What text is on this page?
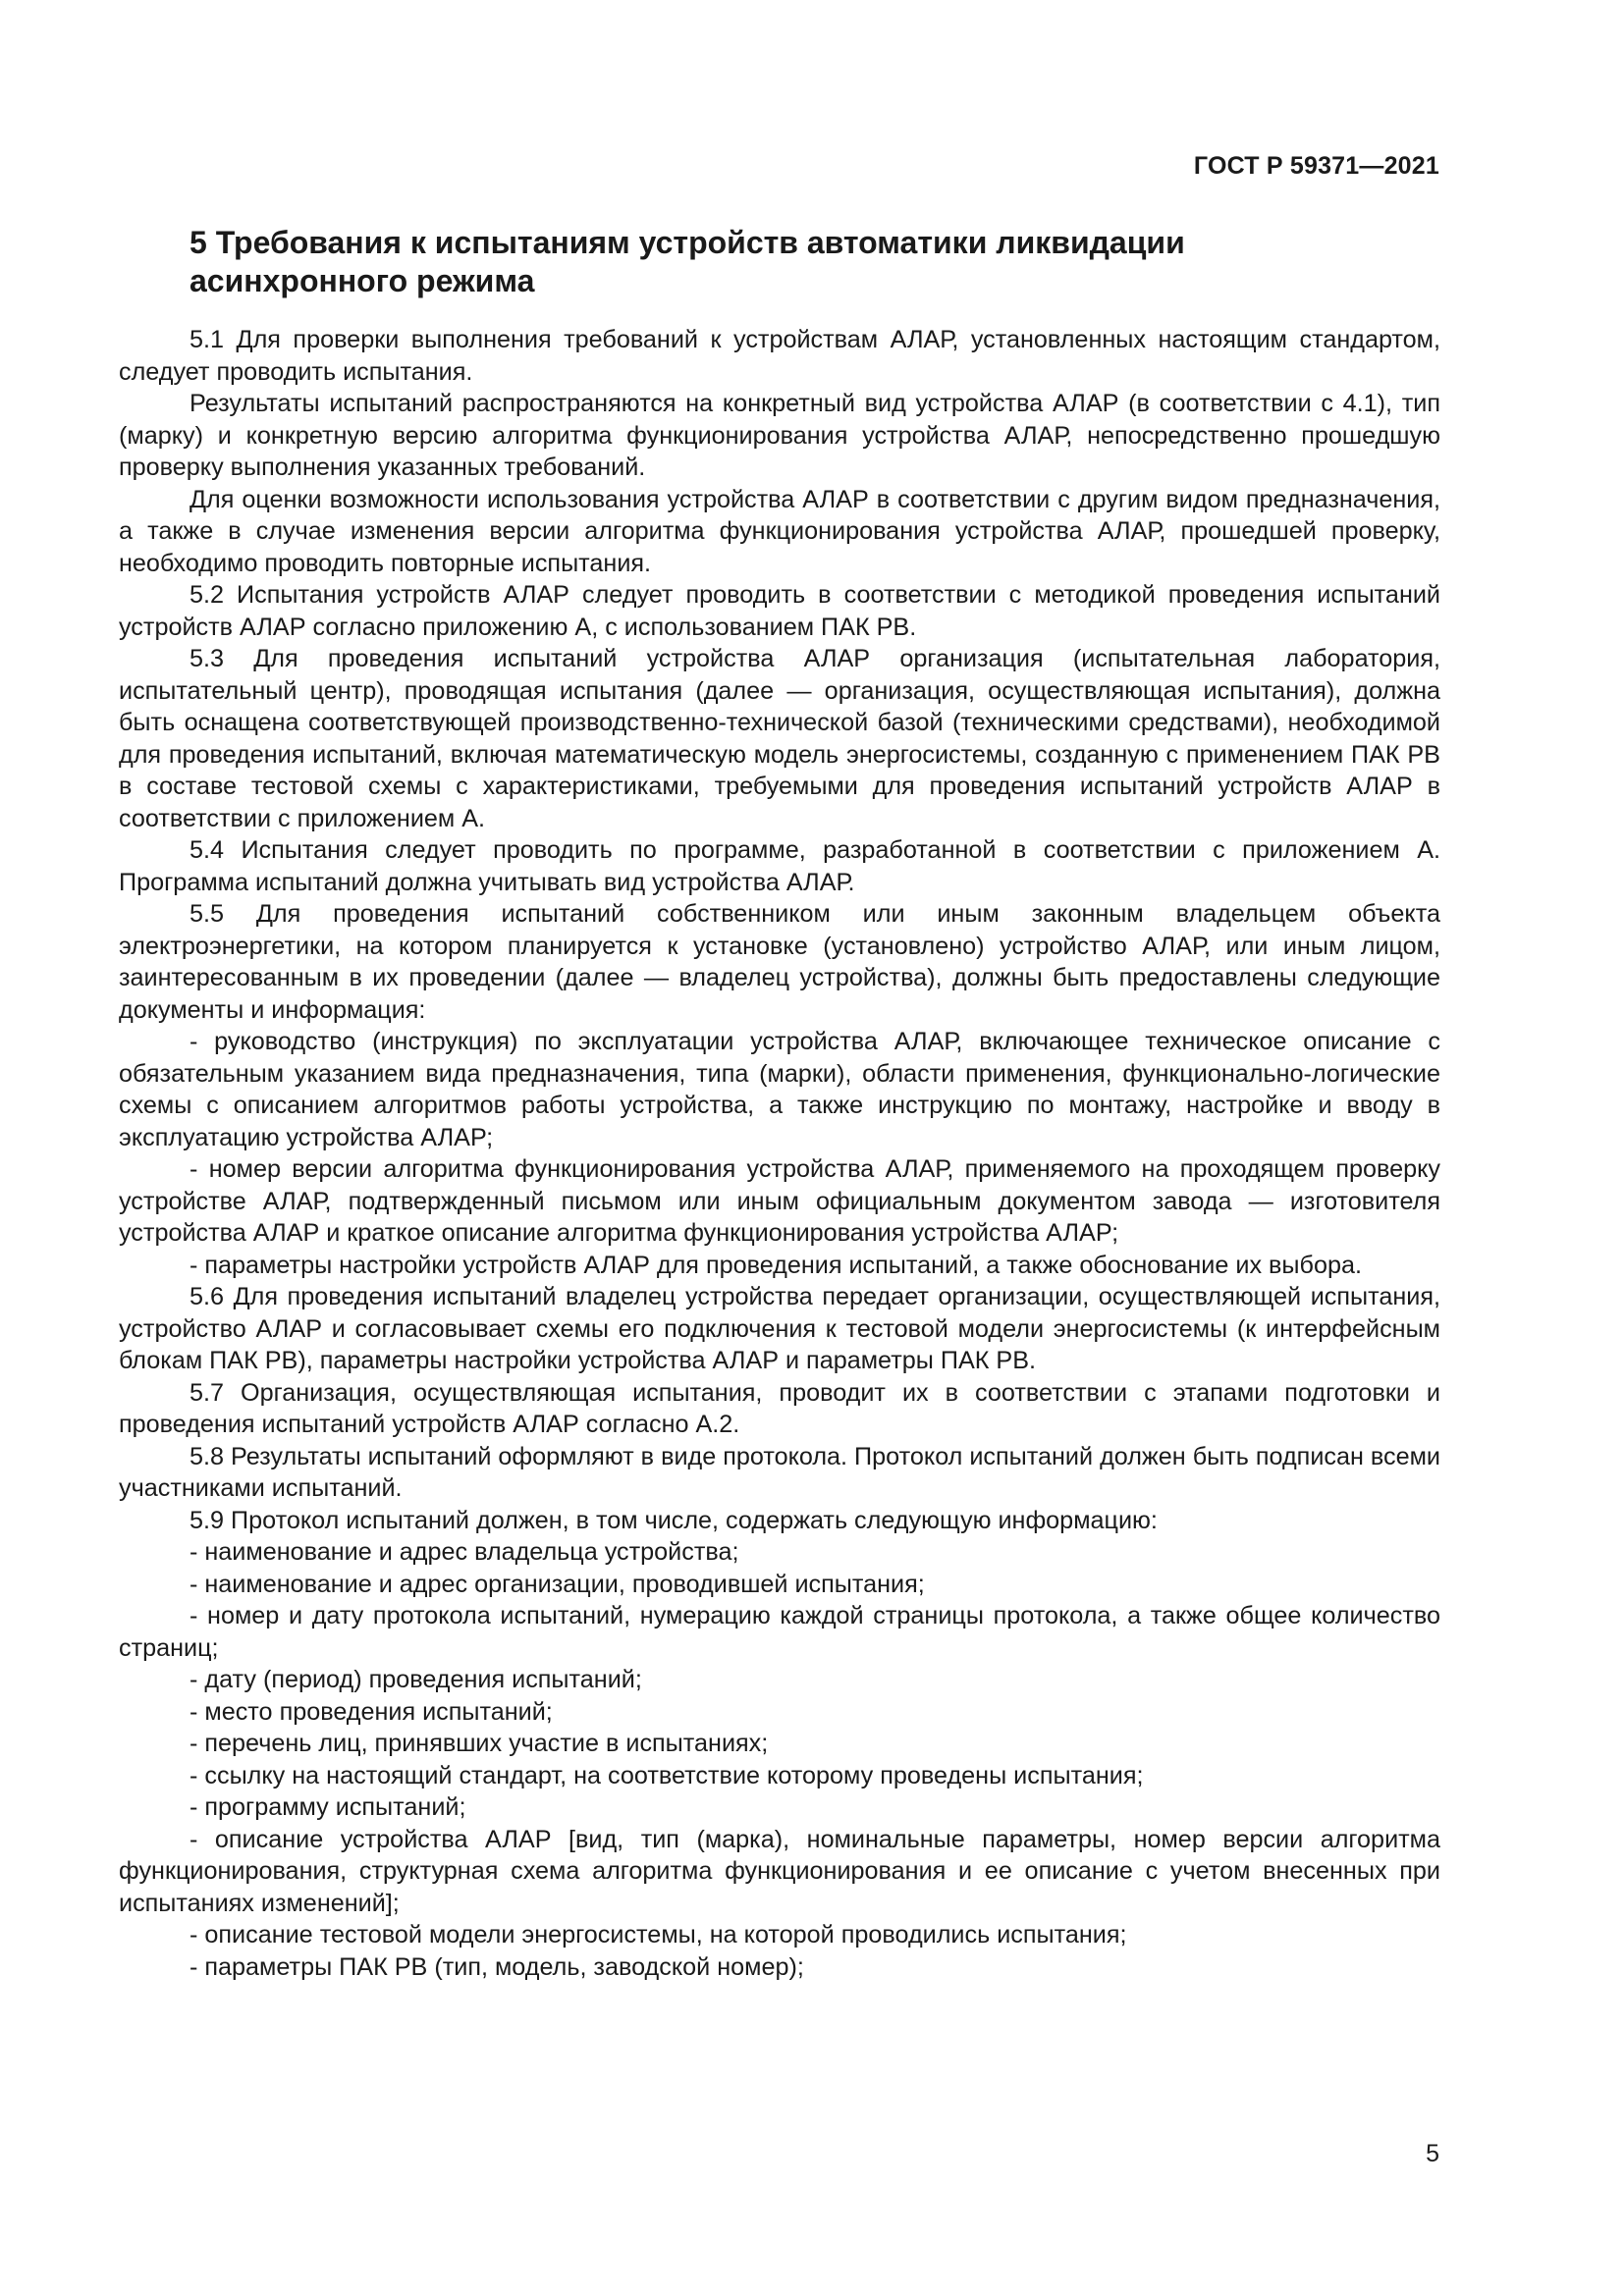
ГОСТ Р 59371—2021
5 Требования к испытаниям устройств автоматики ликвидации
асинхронного режима

5.1 Для проверки выполнения требований к устройствам АЛАР, установленных настоящим стандартом, следует проводить испытания.

Результаты испытаний распространяются на конкретный вид устройства АЛАР (в соответствии с 4.1), тип (марку) и конкретную версию алгоритма функционирования устройства АЛАР, непосредственно прошедшую проверку выполнения указанных требований.

Для оценки возможности использования устройства АЛАР в соответствии с другим видом предназначения, а также в случае изменения версии алгоритма функционирования устройства АЛАР, прошедшей проверку, необходимо проводить повторные испытания.

5.2 Испытания устройств АЛАР следует проводить в соответствии с методикой проведения испытаний устройств АЛАР согласно приложению А, с использованием ПАК РВ.

5.3 Для проведения испытаний устройства АЛАР организация (испытательная лаборатория, испытательный центр), проводящая испытания (далее — организация, осуществляющая испытания), должна быть оснащена соответствующей производственно-технической базой (техническими средствами), необходимой для проведения испытаний, включая математическую модель энергосистемы, созданную с применением ПАК РВ в составе тестовой схемы с характеристиками, требуемыми для проведения испытаний устройств АЛАР в соответствии с приложением А.

5.4 Испытания следует проводить по программе, разработанной в соответствии с приложением А. Программа испытаний должна учитывать вид устройства АЛАР.

5.5 Для проведения испытаний собственником или иным законным владельцем объекта электроэнергетики, на котором планируется к установке (установлено) устройство АЛАР, или иным лицом, заинтересованным в их проведении (далее — владелец устройства), должны быть предоставлены следующие документы и информация:

- руководство (инструкция) по эксплуатации устройства АЛАР, включающее техническое описание с обязательным указанием вида предназначения, типа (марки), области применения, функционально-логические схемы с описанием алгоритмов работы устройства, а также инструкцию по монтажу, настройке и вводу в эксплуатацию устройства АЛАР;

- номер версии алгоритма функционирования устройства АЛАР, применяемого на проходящем проверку устройстве АЛАР, подтвержденный письмом или иным официальным документом завода — изготовителя устройства АЛАР и краткое описание алгоритма функционирования устройства АЛАР;

- параметры настройки устройств АЛАР для проведения испытаний, а также обоснование их выбора.

5.6 Для проведения испытаний владелец устройства передает организации, осуществляющей испытания, устройство АЛАР и согласовывает схемы его подключения к тестовой модели энергосистемы (к интерфейсным блокам ПАК РВ), параметры настройки устройства АЛАР и параметры ПАК РВ.

5.7 Организация, осуществляющая испытания, проводит их в соответствии с этапами подготовки и проведения испытаний устройств АЛАР согласно А.2.

5.8 Результаты испытаний оформляют в виде протокола. Протокол испытаний должен быть подписан всеми участниками испытаний.

5.9 Протокол испытаний должен, в том числе, содержать следующую информацию:

- наименование и адрес владельца устройства;

- наименование и адрес организации, проводившей испытания;

- номер и дату протокола испытаний, нумерацию каждой страницы протокола, а также общее количество страниц;

- дату (период) проведения испытаний;

- место проведения испытаний;

- перечень лиц, принявших участие в испытаниях;

- ссылку на настоящий стандарт, на соответствие которому проведены испытания;

- программу испытаний;

- описание устройства АЛАР [вид, тип (марка), номинальные параметры, номер версии алгоритма функционирования, структурная схема алгоритма функционирования и ее описание с учетом внесенных при испытаниях изменений];

- описание тестовой модели энергосистемы, на которой проводились испытания;

- параметры ПАК РВ (тип, модель, заводской номер);

5
